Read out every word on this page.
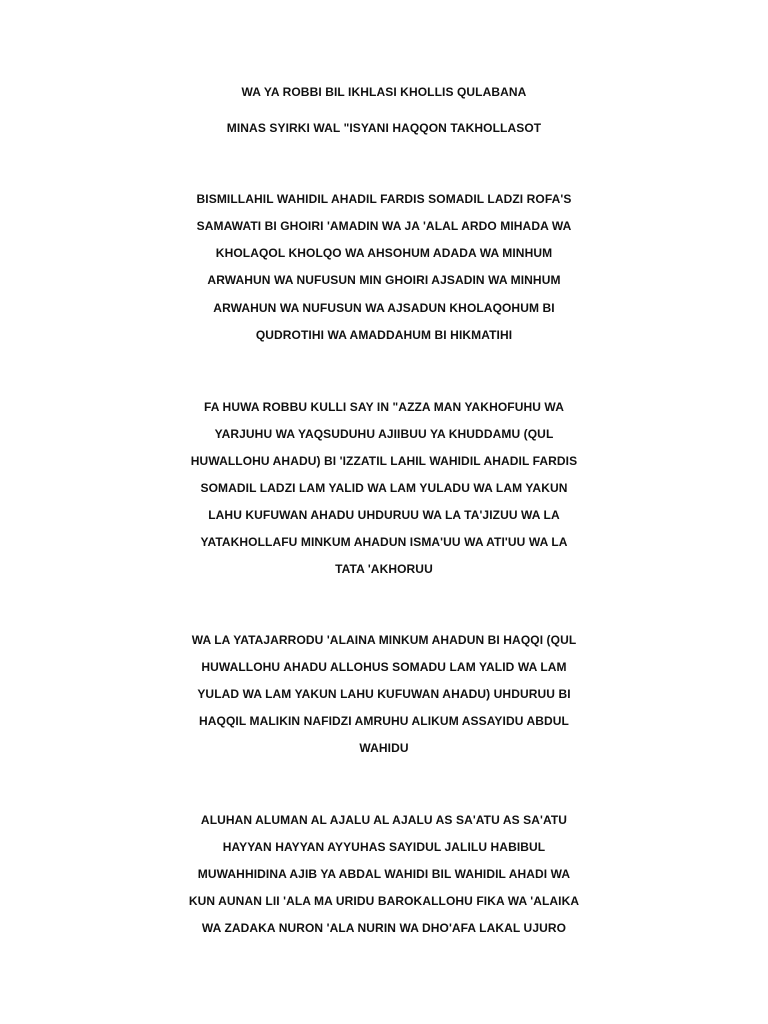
WA YA ROBBI BIL IKHLASI KHOLLIS QULABANA
MINAS SYIRKI WAL "ISYANI HAQQON TAKHOLLASOT
BISMILLAHIL WAHIDIL AHADIL FARDIS SOMADIL LADZI ROFA'S
SAMAWATI BI GHOIRI 'AMADIN WA JA 'ALAL ARDO MIHADA WA
KHOLAQOL KHOLQO WA AHSOHUM ADADA WA MINHUM
ARWAHUN WA NUFUSUN MIN GHOIRI AJSADIN WA MINHUM
ARWAHUN WA NUFUSUN WA AJSADUN KHOLAQOHUM BI
QUDROTIHI WA AMADDAHUM BI HIKMATIHI
FA HUWA ROBBU KULLI SAY IN "AZZA MAN YAKHOFUHU WA
YARJUHU WA YAQSUDUHU AJIIBUU YA KHUDDAMU (QUL
HUWALLOHU AHADU) BI 'IZZATIL LAHIL WAHIDIL AHADIL FARDIS
SOMADIL LADZI LAM YALID WA LAM YULADU WA LAM YAKUN
LAHU KUFUWAN AHADU UHDURUU WA LA TA'JIZUU WA LA
YATAKHOLLAFU MINKUM AHADUN ISMA'UU WA ATI'UU WA LA
TATA 'AKHORUU
WA LA YATAJARRODU 'ALAINA MINKUM AHADUN BI HAQQI (QUL
HUWALLOHU AHADU ALLOHUS SOMADU LAM YALID WA LAM
YULAD WA LAM YAKUN LAHU KUFUWAN AHADU) UHDURUU BI
HAQQIL MALIKIN NAFIDZI AMRUHU ALIKUM ASSAYIDU ABDUL
WAHIDU
ALUHAN ALUMAN AL AJALU AL AJALU AS SA'ATU AS SA'ATU
HAYYAN HAYYAN AYYUHAS SAYIDUL JALILU HABIBUL
MUWAHHIDINA AJIB YA ABDAL WAHIDI BIL WAHIDIL AHADI WA
KUN AUNAN LII 'ALA MA URIDU BAROKALLOHU FIKA WA 'ALAIKA
WA ZADAKA NURON 'ALA NURIN WA DHO'AFA LAKAL UJURO
